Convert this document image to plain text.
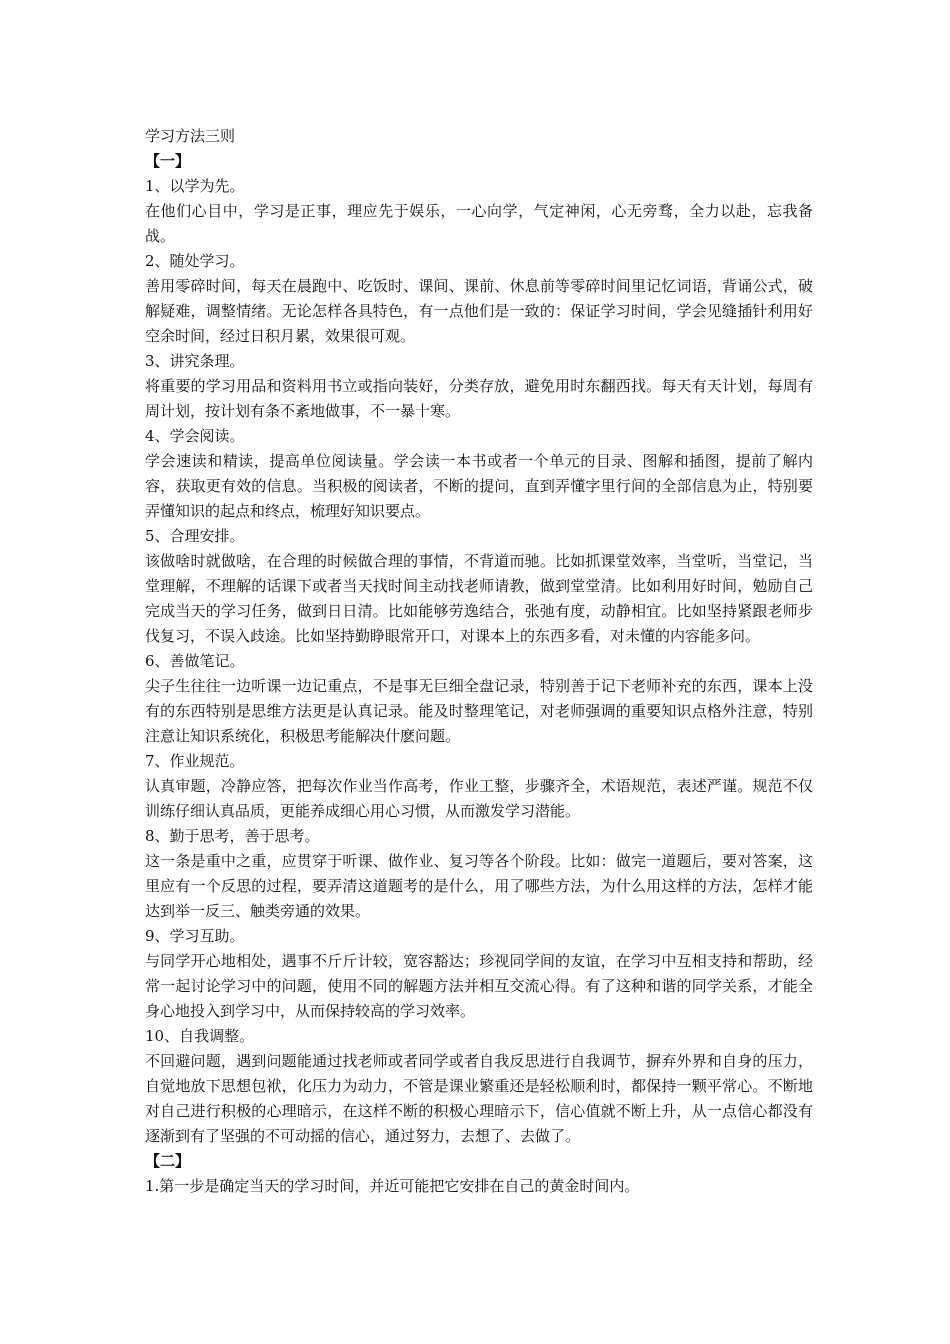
学习方法三则

【一】

1、以学为先。

在他们心目中，学习是正事，理应先于娱乐，一心向学，气定神闲，心无旁骛，全力以赴，忘我备战。

2、随处学习。

善用零碎时间，每天在晨跑中、吃饭时、课间、课前、休息前等零碎时间里记忆词语，背诵公式，破解疑难，调整情绪。无论怎样各具特色，有一点他们是一致的：保证学习时间，学会见缝插针利用好空余时间，经过日积月累，效果很可观。

3、讲究条理。

将重要的学习用品和资料用书立或指向装好，分类存放，避免用时东翻西找。每天有天计划，每周有周计划，按计划有条不紊地做事，不一暴十寒。

4、学会阅读。

学会速读和精读，提高单位阅读量。学会读一本书或者一个单元的目录、图解和插图，提前了解内容，获取更有效的信息。当积极的阅读者，不断的提问，直到弄懂字里行间的全部信息为止，特别要弄懂知识的起点和终点，梳理好知识要点。

5、合理安排。

该做啥时就做啥，在合理的时候做合理的事情，不背道而驰。比如抓课堂效率，当堂听，当堂记，当堂理解，不理解的话课下或者当天找时间主动找老师请教，做到堂堂清。比如利用好时间，勉励自己完成当天的学习任务，做到日日清。比如能够劳逸结合，张弛有度，动静相宜。比如坚持紧跟老师步伐复习，不误入歧途。比如坚持勤睁眼常开口，对课本上的东西多看，对未懂的内容能多问。

6、善做笔记。

尖子生往往一边听课一边记重点，不是事无巨细全盘记录，特别善于记下老师补充的东西，课本上没有的东西特别是思维方法更是认真记录。能及时整理笔记，对老师强调的重要知识点格外注意，特别注意让知识系统化，积极思考能解决什麽问题。

7、作业规范。

认真审题，冷静应答，把每次作业当作高考，作业工整，步骤齐全，术语规范，表述严谨。规范不仅训练仔细认真品质，更能养成细心用心习惯，从而激发学习潜能。

8、勤于思考，善于思考。

这一条是重中之重，应贯穿于听课、做作业、复习等各个阶段。比如：做完一道题后，要对答案，这里应有一个反思的过程，要弄清这道题考的是什么，用了哪些方法，为什么用这样的方法，怎样才能达到举一反三、触类旁通的效果。

9、学习互助。

与同学开心地相处，遇事不斤斤计较，宽容豁达；珍视同学间的友谊，在学习中互相支持和帮助，经常一起讨论学习中的问题，使用不同的解题方法并相互交流心得。有了这种和谐的同学关系，才能全身心地投入到学习中，从而保持较高的学习效率。

10、自我调整。

不回避问题，遇到问题能通过找老师或者同学或者自我反思进行自我调节，摒弃外界和自身的压力，自觉地放下思想包袱，化压力为动力，不管是课业繁重还是轻松顺利时，都保持一颗平常心。不断地对自己进行积极的心理暗示，在这样不断的积极心理暗示下，信心值就不断上升，从一点信心都没有逐渐到有了坚强的不可动摇的信心，通过努力，去想了、去做了。

【二】

1.第一步是确定当天的学习时间，并近可能把它安排在自己的黄金时间内。
